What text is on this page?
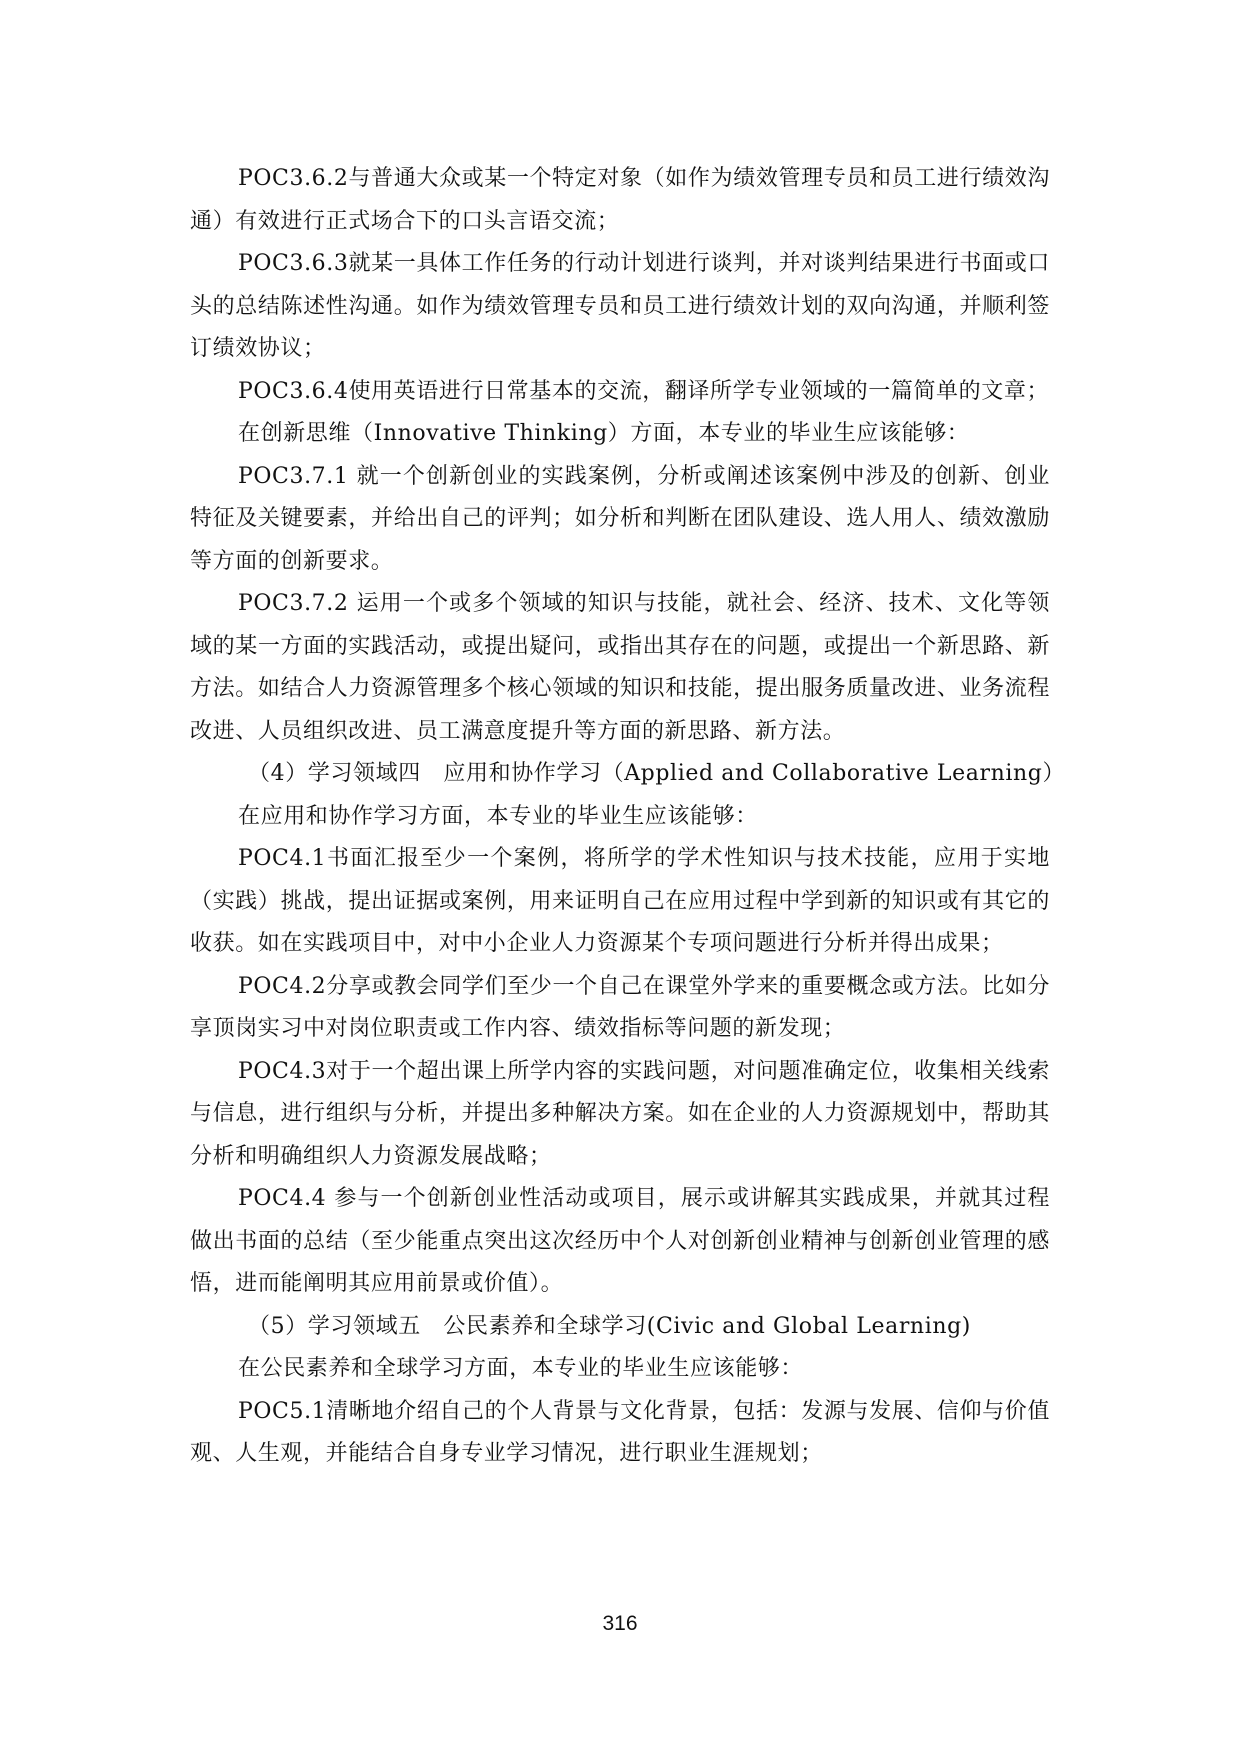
POC3.6.2与普通大众或某一个特定对象（如作为绩效管理专员和员工进行绩效沟通）有效进行正式场合下的口头言语交流；

POC3.6.3就某一具体工作任务的行动计划进行谈判，并对谈判结果进行书面或口头的总结陈述性沟通。如作为绩效管理专员和员工进行绩效计划的双向沟通，并顺利签订绩效协议；

POC3.6.4使用英语进行日常基本的交流，翻译所学专业领域的一篇简单的文章；

在创新思维（Innovative Thinking）方面，本专业的毕业生应该能够：

POC3.7.1 就一个创新创业的实践案例，分析或阐述该案例中涉及的创新、创业特征及关键要素，并给出自己的评判；如分析和判断在团队建设、选人用人、绩效激励等方面的创新要求。

POC3.7.2 运用一个或多个领域的知识与技能，就社会、经济、技术、文化等领域的某一方面的实践活动，或提出疑问，或指出其存在的问题，或提出一个新思路、新方法。如结合人力资源管理多个核心领域的知识和技能，提出服务质量改进、业务流程改进、人员组织改进、员工满意度提升等方面的新思路、新方法。

（4）学习领域四　应用和协作学习（Applied and Collaborative Learning）

在应用和协作学习方面，本专业的毕业生应该能够：

POC4.1书面汇报至少一个案例，将所学的学术性知识与技术技能，应用于实地（实践）挑战，提出证据或案例，用来证明自己在应用过程中学到新的知识或有其它的收获。如在实践项目中，对中小企业人力资源某个专项问题进行分析并得出成果；

POC4.2分享或教会同学们至少一个自己在课堂外学来的重要概念或方法。比如分享顶岗实习中对岗位职责或工作内容、绩效指标等问题的新发现；

POC4.3对于一个超出课上所学内容的实践问题，对问题准确定位，收集相关线索与信息，进行组织与分析，并提出多种解决方案。如在企业的人力资源规划中，帮助其分析和明确组织人力资源发展战略；

POC4.4 参与一个创新创业性活动或项目，展示或讲解其实践成果，并就其过程做出书面的总结（至少能重点突出这次经历中个人对创新创业精神与创新创业管理的感悟，进而能阐明其应用前景或价值）。

（5）学习领域五　公民素养和全球学习(Civic and Global Learning)

在公民素养和全球学习方面，本专业的毕业生应该能够：

POC5.1清晰地介绍自己的个人背景与文化背景，包括：发源与发展、信仰与价值观、人生观，并能结合自身专业学习情况，进行职业生涯规划；

316
